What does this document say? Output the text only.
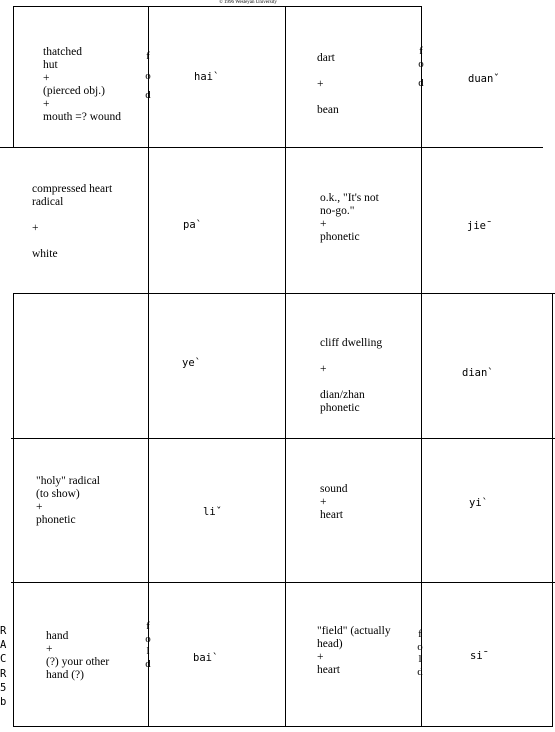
© 1996 Wesleyan University
thatched
hut
+
(pierced obj.)
+
mouth =? wound
hai`
dart

+

bean
duanˇ
f
o
d
f
o
d
compressed heart
radical

+

white
pa`
o.k., "It's not
no-go."
+
phonetic
jie¯
ye`
cliff dwelling

+

dian/zhan
phonetic
dian`
"holy" radical
(to show)
+
phonetic
liˇ
sound
+
heart
yi`
hand
+
(?) your other
hand (?)
bai`
"field" (actually
head)
+
heart
si¯
f
o
l
d
f
o
l
d
R
A
C
R
5
b
